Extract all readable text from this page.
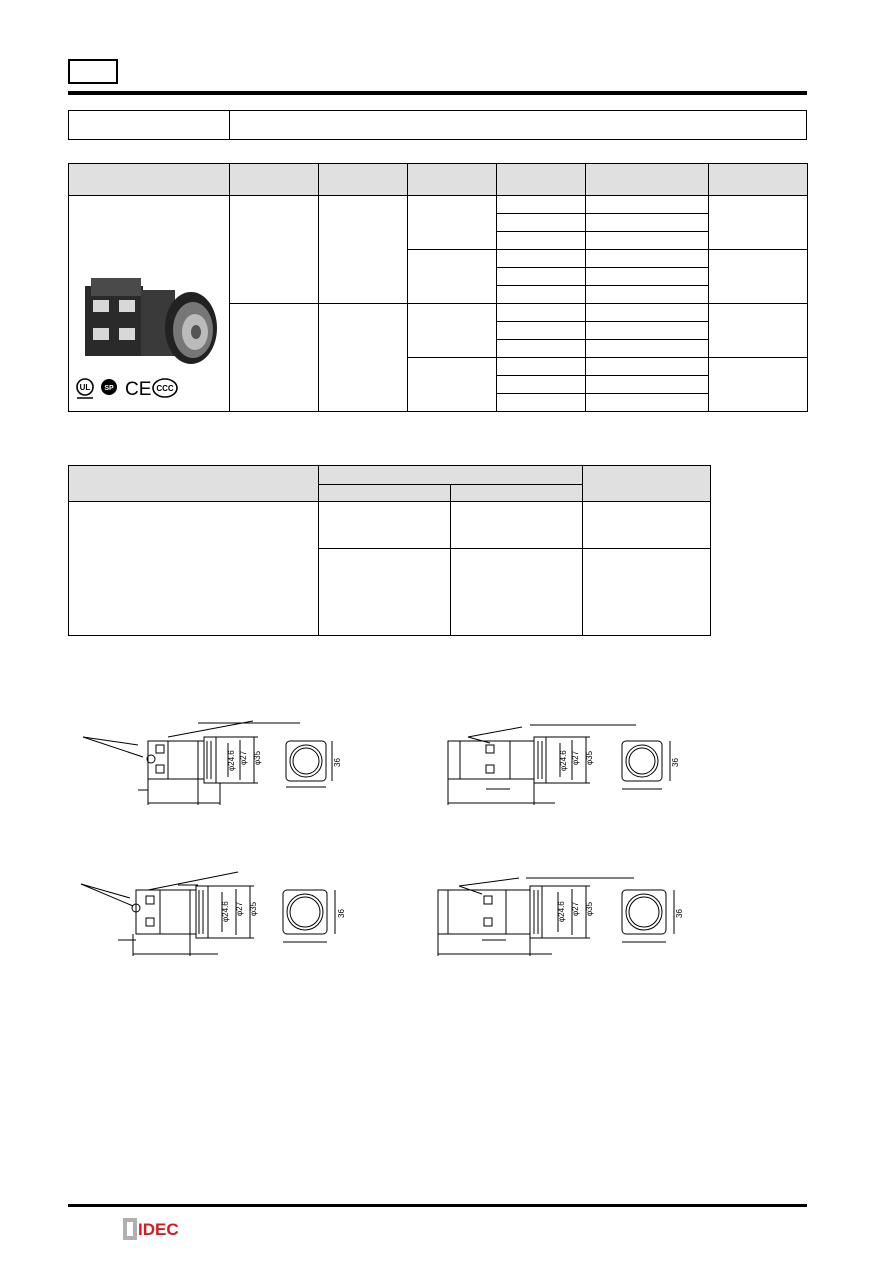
UL SP CE CCC						

φ24.6 φ27 φ35	36	φ24.6 φ27 φ35	36
φ24.6 φ27 φ35	36	φ24.6 φ27 φ35	36
IDEC
